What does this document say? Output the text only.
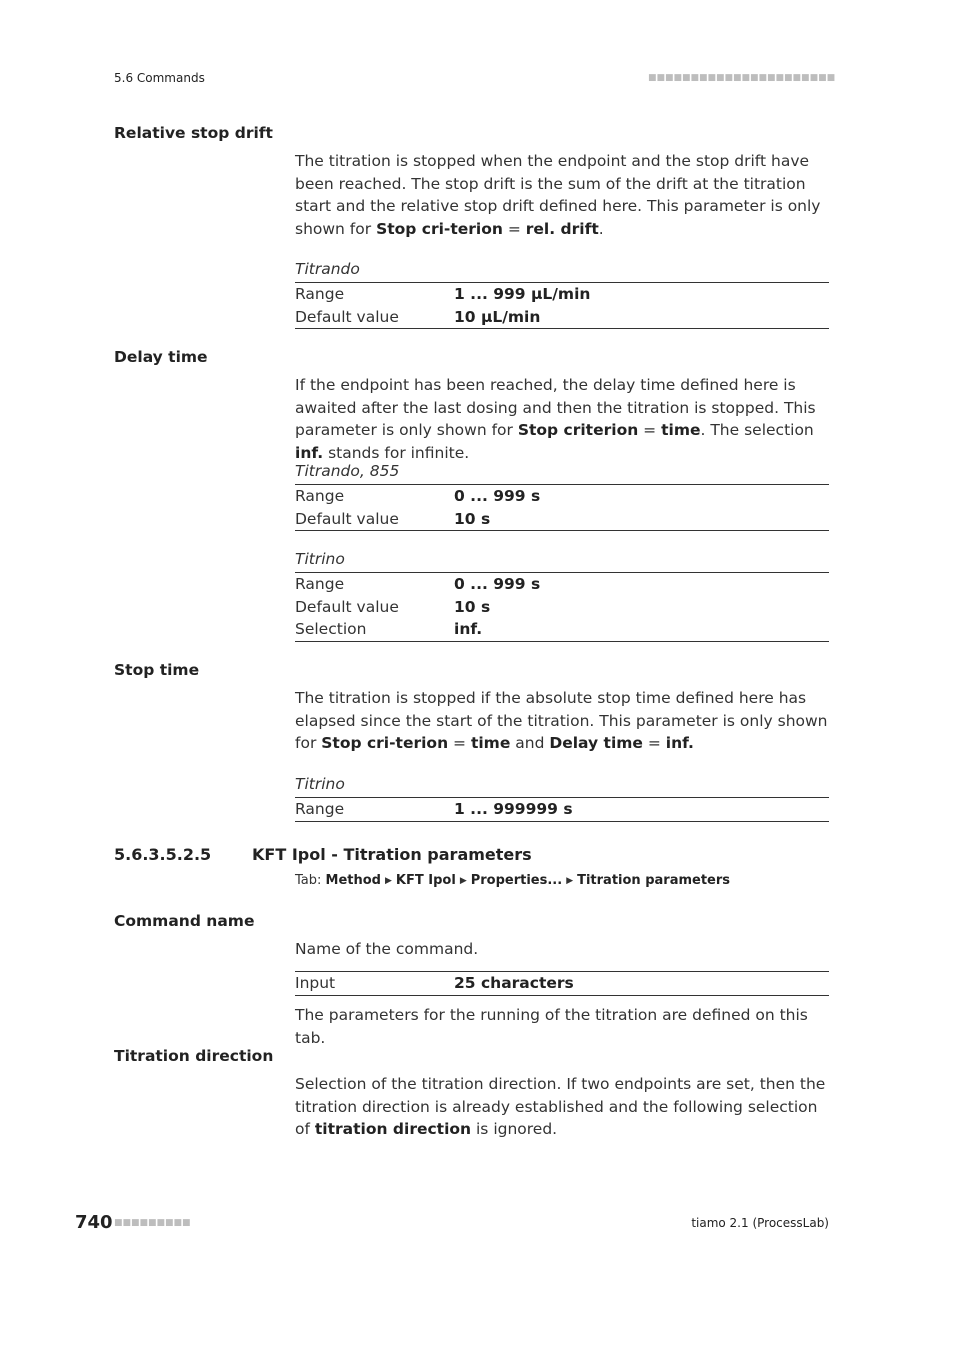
5.6 Commands	■■■■■■■■■■■■■■■■■■■■■■
Relative stop drift
The titration is stopped when the endpoint and the stop drift have been reached. The stop drift is the sum of the drift at the titration start and the relative stop drift defined here. This parameter is only shown for Stop cri-terion = rel. drift.
Titrando
Range	1 ... 999 µL/min
Default value	10 µL/min
Delay time
If the endpoint has been reached, the delay time defined here is awaited after the last dosing and then the titration is stopped. This parameter is only shown for Stop criterion = time. The selection inf. stands for infinite.
Titrando, 855
Range	0 ... 999 s
Default value	10 s
Titrino
Range	0 ... 999 s
Default value	10 s
Selection	inf.
Stop time
The titration is stopped if the absolute stop time defined here has elapsed since the start of the titration. This parameter is only shown for Stop cri-terion = time and Delay time = inf.
Titrino
Range	1 ... 999999 s
5.6.3.5.2.5	KFT Ipol - Titration parameters
Tab: Method ▶ KFT Ipol ▶ Properties... ▶ Titration parameters
Command name
Name of the command.
Input	25 characters
The parameters for the running of the titration are defined on this tab.
Titration direction
Selection of the titration direction. If two endpoints are set, then the titration direction is already established and the following selection of titration direction is ignored.
740 ■■■■■■■■■	tiamo 2.1 (ProcessLab)
